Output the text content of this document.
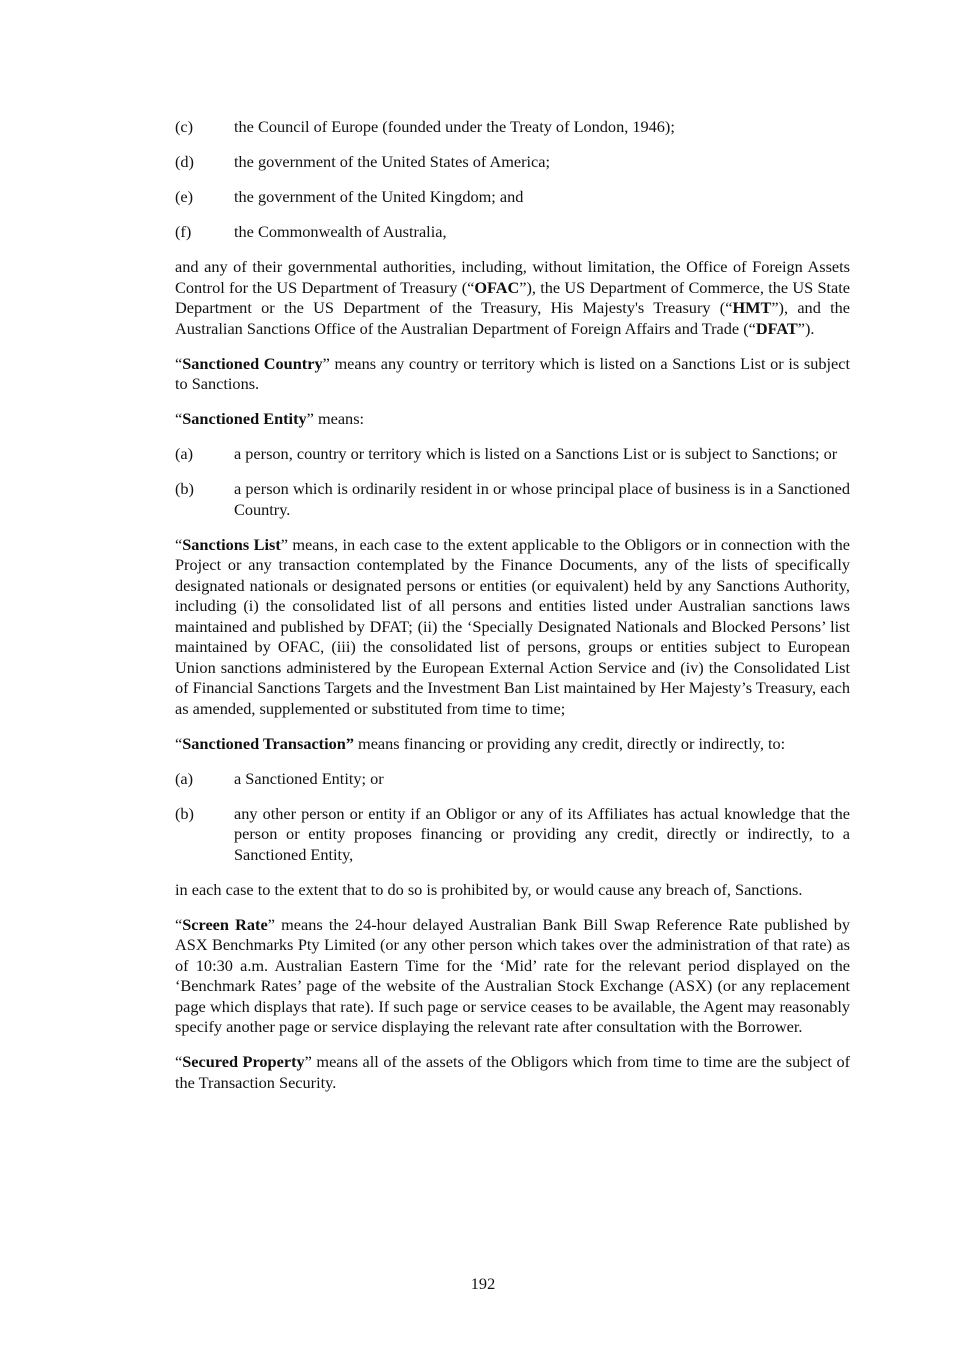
(c)	the Council of Europe (founded under the Treaty of London, 1946);
(d)	the government of the United States of America;
(e)	the government of the United Kingdom; and
(f)	the Commonwealth of Australia,

and any of their governmental authorities, including, without limitation, the Office of Foreign Assets Control for the US Department of Treasury (“OFAC”), the US Department of Commerce, the US State Department or the US Department of the Treasury, His Majesty's Treasury (“HMT”), and the Australian Sanctions Office of the Australian Department of Foreign Affairs and Trade (“DFAT”).

“Sanctioned Country” means any country or territory which is listed on a Sanctions List or is subject to Sanctions.

“Sanctioned Entity” means:

(a)	a person, country or territory which is listed on a Sanctions List or is subject to Sanctions; or
(b)	a person which is ordinarily resident in or whose principal place of business is in a Sanctioned Country.

“Sanctions List” means, in each case to the extent applicable to the Obligors or in connection with the Project or any transaction contemplated by the Finance Documents, any of the lists of specifically designated nationals or designated persons or entities (or equivalent) held by any Sanctions Authority, including (i) the consolidated list of all persons and entities listed under Australian sanctions laws maintained and published by DFAT; (ii) the ‘Specially Designated Nationals and Blocked Persons’ list maintained by OFAC, (iii) the consolidated list of persons, groups or entities subject to European Union sanctions administered by the European External Action Service and (iv) the Consolidated List of Financial Sanctions Targets and the Investment Ban List maintained by Her Majesty’s Treasury, each as amended, supplemented or substituted from time to time;

“Sanctioned Transaction” means financing or providing any credit, directly or indirectly, to:

(a)	a Sanctioned Entity; or
(b)	any other person or entity if an Obligor or any of its Affiliates has actual knowledge that the person or entity proposes financing or providing any credit, directly or indirectly, to a Sanctioned Entity,

in each case to the extent that to do so is prohibited by, or would cause any breach of, Sanctions.

“Screen Rate” means the 24-hour delayed Australian Bank Bill Swap Reference Rate published by ASX Benchmarks Pty Limited (or any other person which takes over the administration of that rate) as of 10:30 a.m. Australian Eastern Time for the ‘Mid’ rate for the relevant period displayed on the ‘Benchmark Rates’ page of the website of the Australian Stock Exchange (ASX) (or any replacement page which displays that rate). If such page or service ceases to be available, the Agent may reasonably specify another page or service displaying the relevant rate after consultation with the Borrower.

“Secured Property” means all of the assets of the Obligors which from time to time are the subject of the Transaction Security.

192
